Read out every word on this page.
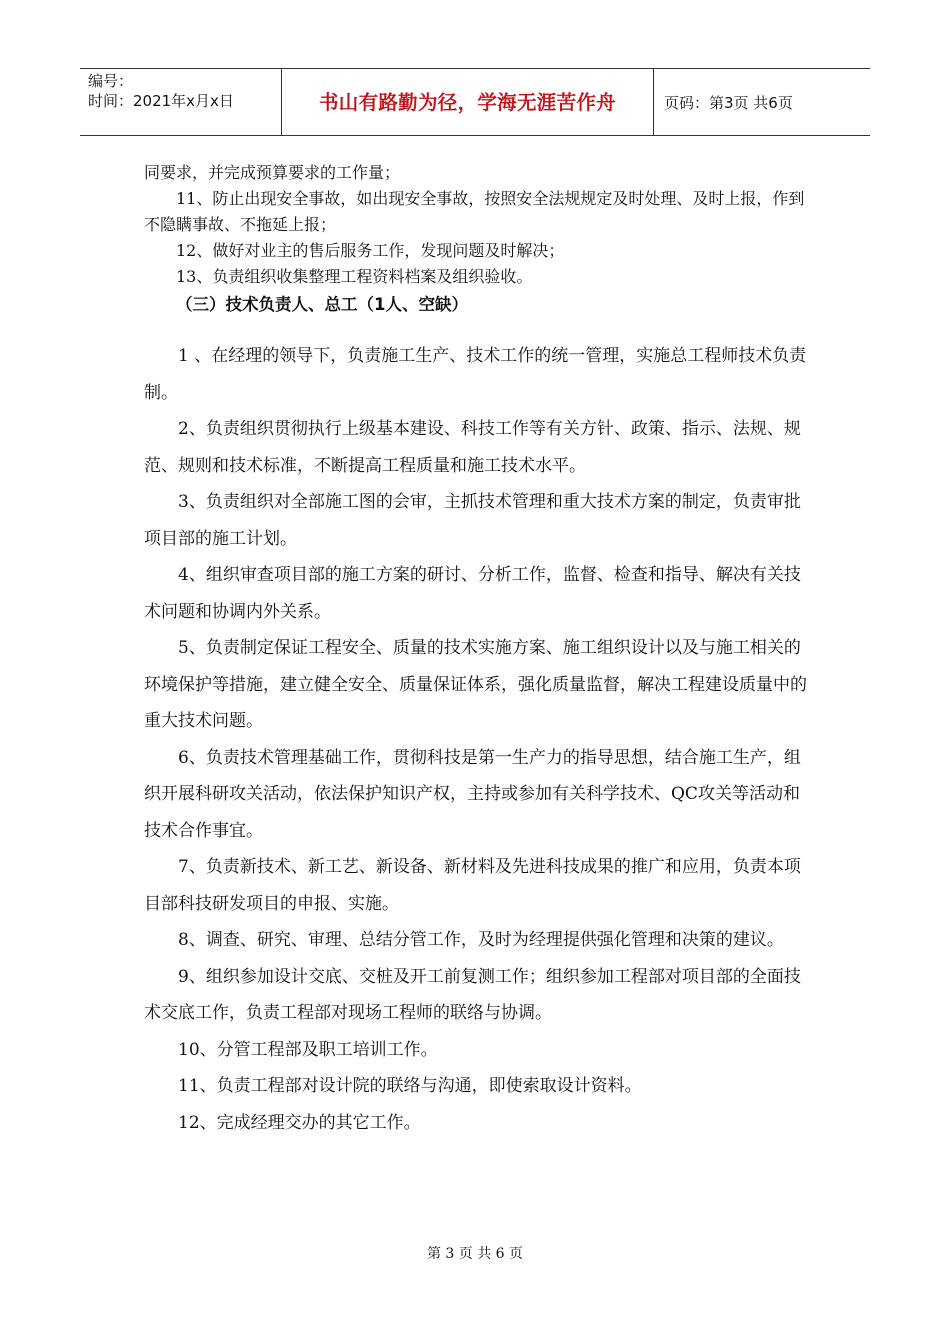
编号：
时间：2021年x月x日	书山有路勤为径，学海无涯苦作舟	页码：第3页 共6页

同要求，并完成预算要求的工作量；

11、防止出现安全事故，如出现安全事故，按照安全法规规定及时处理、及时上报，作到不隐瞒事故、不拖延上报；

12、做好对业主的售后服务工作，发现问题及时解决；

13、负责组织收集整理工程资料档案及组织验收。

（三）技术负责人、总工（1人、空缺）

1 、在经理的领导下，负责施工生产、技术工作的统一管理，实施总工程师技术负责制。

2、负责组织贯彻执行上级基本建设、科技工作等有关方针、政策、指示、法规、规范、规则和技术标准，不断提高工程质量和施工技术水平。

3、负责组织对全部施工图的会审，主抓技术管理和重大技术方案的制定，负责审批项目部的施工计划。

4、组织审查项目部的施工方案的研讨、分析工作，监督、检查和指导、解决有关技术问题和协调内外关系。

5、负责制定保证工程安全、质量的技术实施方案、施工组织设计以及与施工相关的环境保护等措施，建立健全安全、质量保证体系，强化质量监督，解决工程建设质量中的重大技术问题。

6、负责技术管理基础工作，贯彻科技是第一生产力的指导思想，结合施工生产，组织开展科研攻关活动，依法保护知识产权，主持或参加有关科学技术、QC攻关等活动和技术合作事宜。

7、负责新技术、新工艺、新设备、新材料及先进科技成果的推广和应用，负责本项目部科技研发项目的申报、实施。

8、调查、研究、审理、总结分管工作，及时为经理提供强化管理和决策的建议。

9、组织参加设计交底、交桩及开工前复测工作；组织参加工程部对项目部的全面技术交底工作，负责工程部对现场工程师的联络与协调。

10、分管工程部及职工培训工作。

11、负责工程部对设计院的联络与沟通，即使索取设计资料。

12、完成经理交办的其它工作。

第 3 页 共 6 页
